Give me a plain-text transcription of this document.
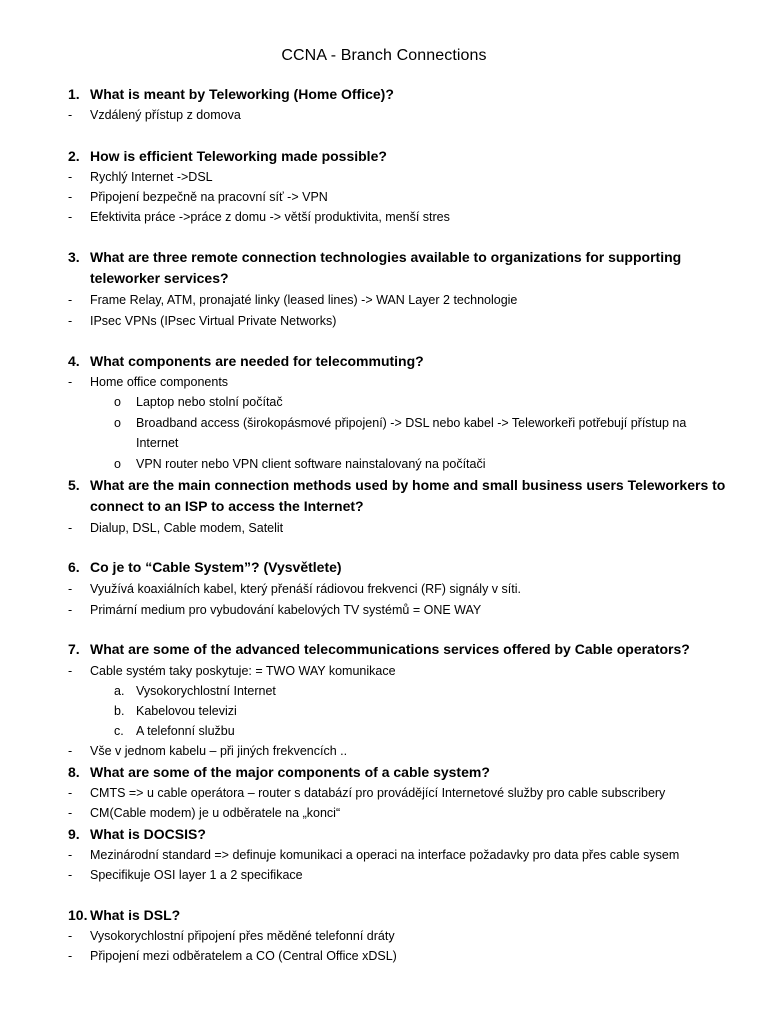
CCNA - Branch Connections
1. What is meant by Teleworking (Home Office)?
-	Vzdálený přístup z domova
2. How is efficient Teleworking made possible?
-	Rychlý Internet ->DSL
-	Připojení bezpečně na pracovní síť -> VPN
-	Efektivita práce ->práce z domu -> větší produktivita, menší stres
3. What are three remote connection technologies available to organizations for supporting teleworker services?
-	Frame Relay, ATM, pronajaté linky (leased lines) -> WAN Layer 2 technologie
-	IPsec VPNs (IPsec Virtual Private Networks)
4. What components are needed for telecommuting?
-	Home office components
o	Laptop nebo stolní počítač
o	Broadband access (širokopásmové připojení) -> DSL nebo kabel -> Teleworkeři potřebují přístup na Internet
o	VPN router nebo VPN client software nainstalovaný na počítači
5. What are the main connection methods used by home and small business users Teleworkers to connect to an ISP to access the Internet?
-	Dialup, DSL, Cable modem, Satelit
6. Co je to “Cable System”? (Vysvětlete)
-	Využívá koaxiálních kabel, který přenáší rádiovou frekvenci (RF) signály v síti.
-	Primární medium pro vybudování kabelových TV systémů = ONE WAY
7. What are some of the advanced telecommunications services offered by Cable operators?
-	Cable systém taky poskytuje: = TWO WAY komunikace
a. Vysokorychlostní Internet
b. Kabelovou televizi
c. A telefonní službu
-	Vše v jednom kabelu – při jiných frekvencích ..
8. What are some of the major components of a cable system?
-	CMTS => u cable operátora – router s databází pro provádějící Internetové služby pro cable subscribery
-	CM(Cable modem) je u odběratele na „konci“
9. What is DOCSIS?
-	Mezinárodní standard => definuje komunikaci a operaci na interface požadavky pro data přes cable sysem
-	Specifikuje OSI layer 1 a 2 specifikace
10. What is DSL?
-	Vysokorychlostní připojení přes měděné telefonní dráty
-	Připojení mezi odběratelem a CO (Central Office xDSL)
